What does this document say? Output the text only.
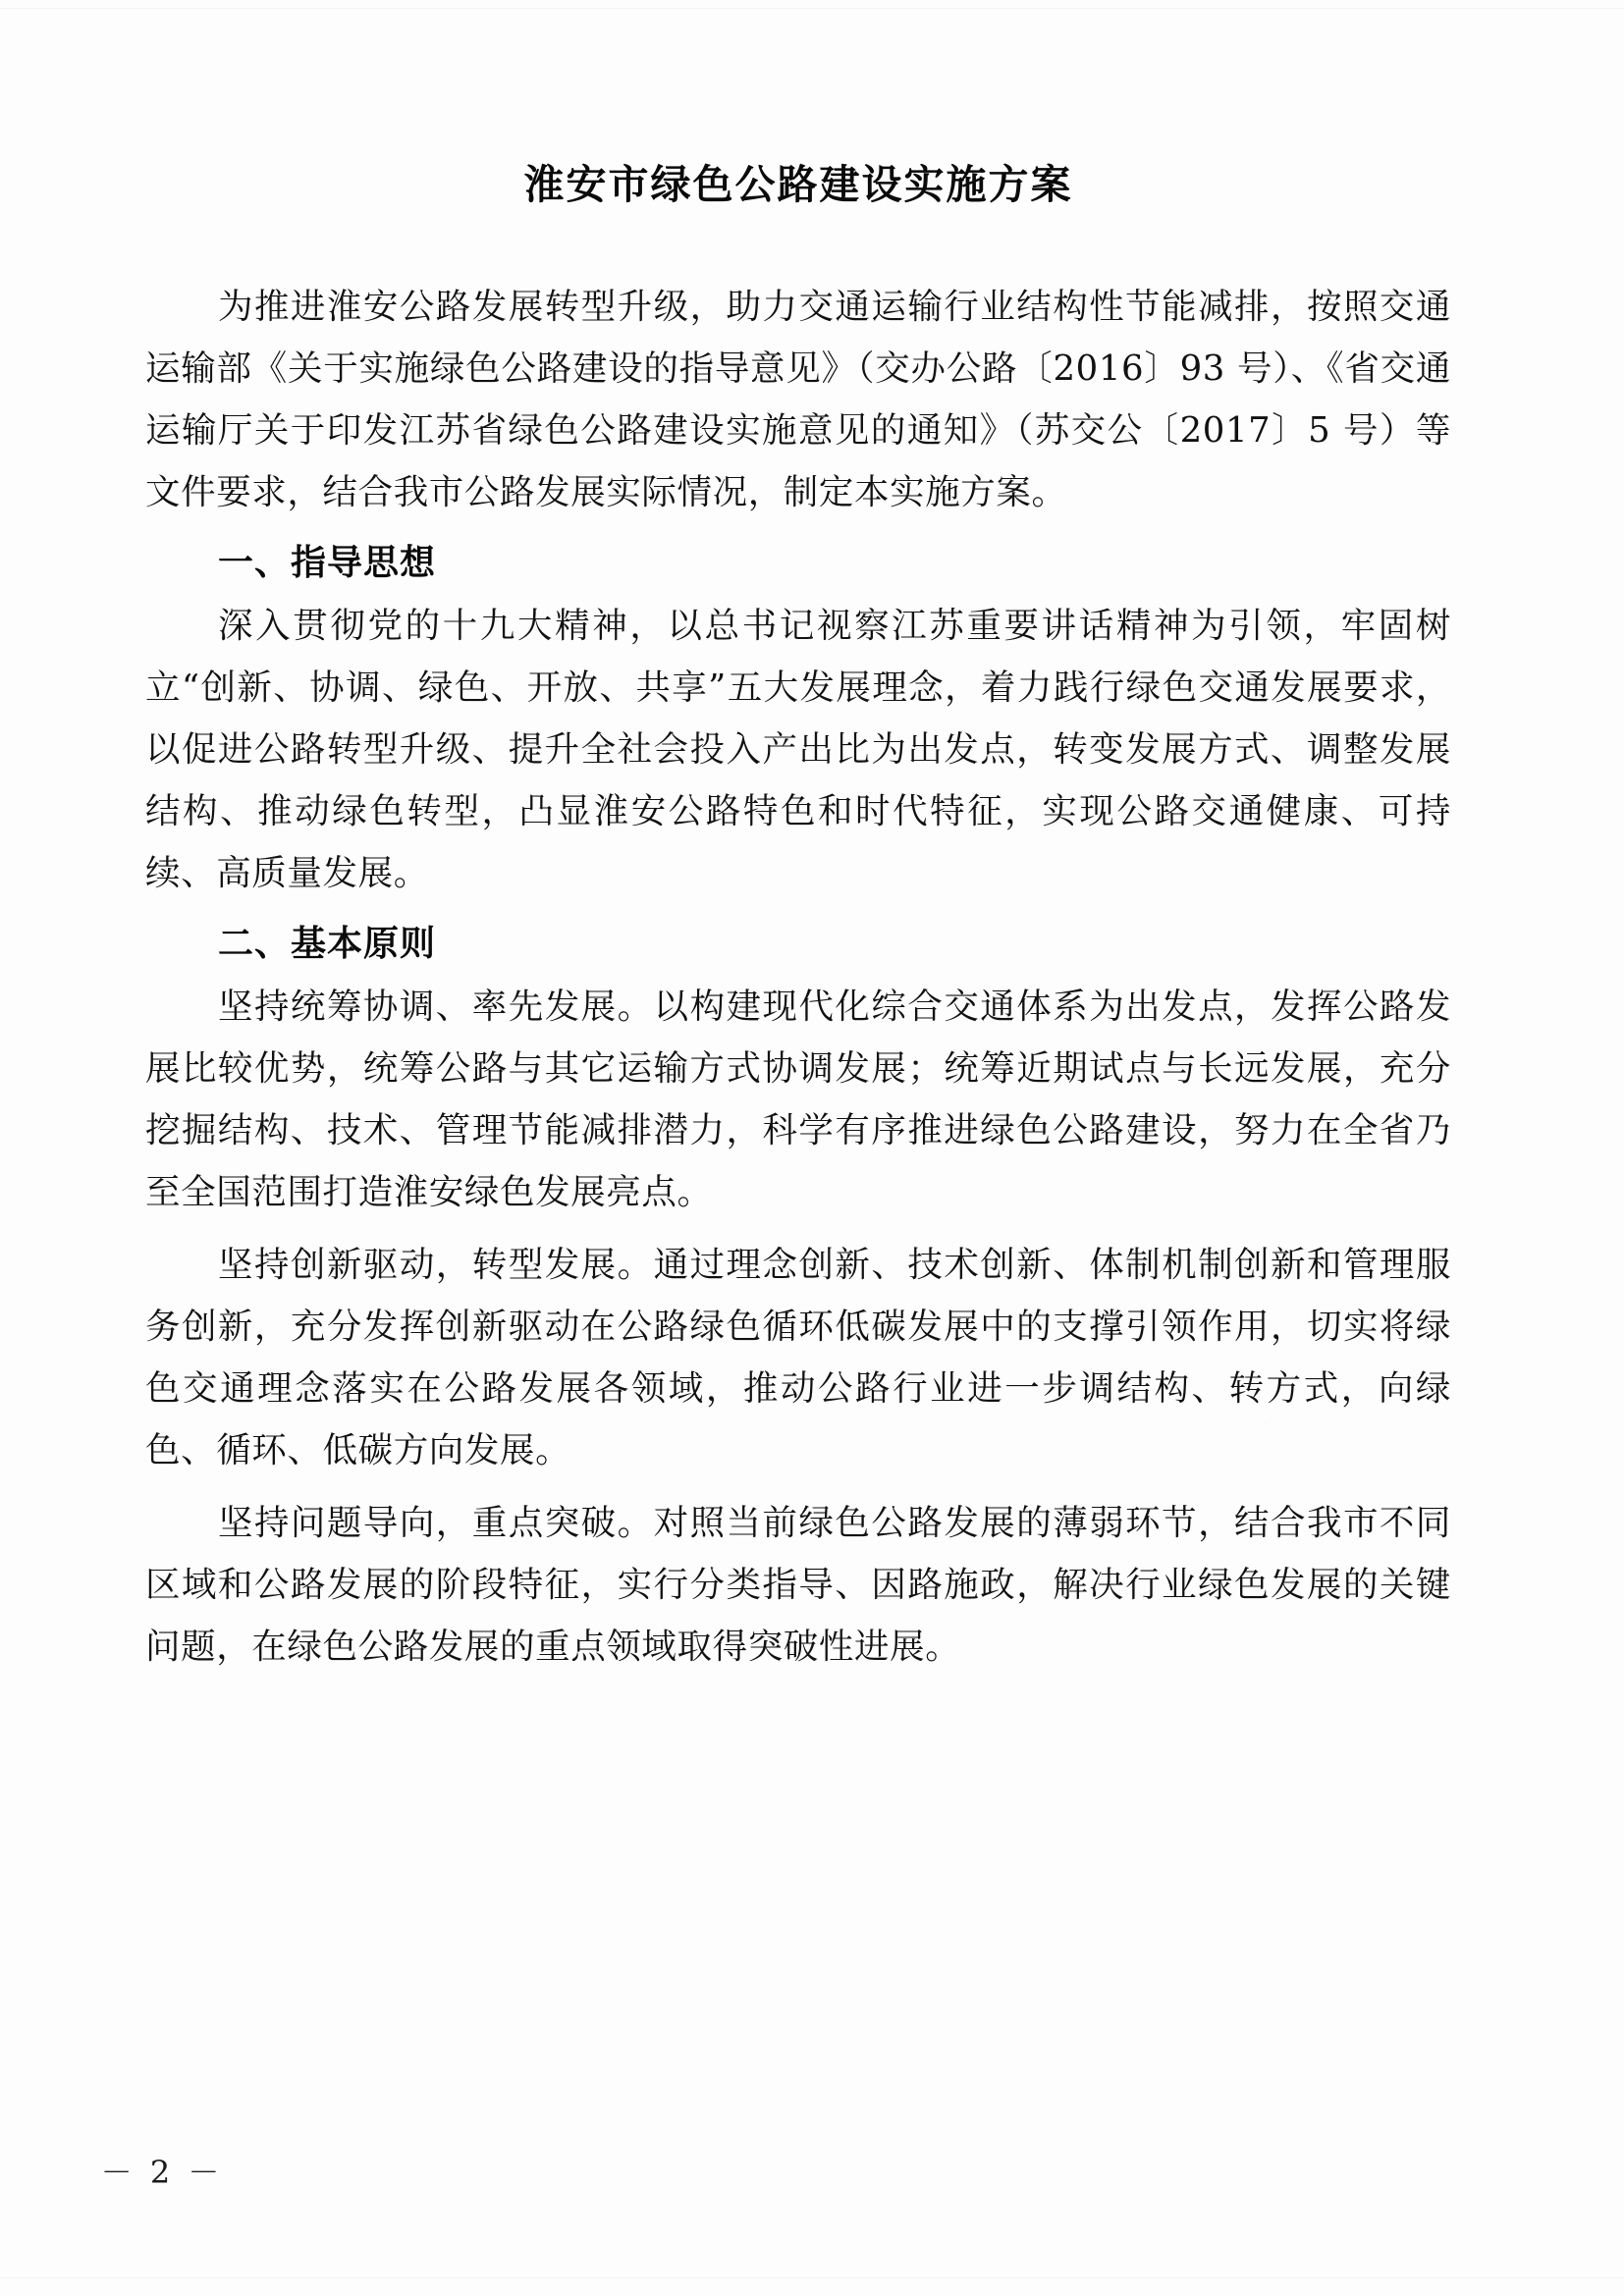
淮安市绿色公路建设实施方案

为推进淮安公路发展转型升级，助力交通运输行业结构性节能减排，按照交通运输部《关于实施绿色公路建设的指导意见》（交办公路〔2016〕93 号）、《省交通运输厅关于印发江苏省绿色公路建设实施意见的通知》（苏交公〔2017〕5 号）等文件要求，结合我市公路发展实际情况，制定本实施方案。

一、指导思想

深入贯彻党的十九大精神，以总书记视察江苏重要讲话精神为引领，牢固树立“创新、协调、绿色、开放、共享”五大发展理念，着力践行绿色交通发展要求，以促进公路转型升级、提升全社会投入产出比为出发点，转变发展方式、调整发展结构、推动绿色转型，凸显淮安公路特色和时代特征，实现公路交通健康、可持续、高质量发展。

二、基本原则

坚持统筹协调、率先发展。以构建现代化综合交通体系为出发点，发挥公路发展比较优势，统筹公路与其它运输方式协调发展；统筹近期试点与长远发展，充分挖掘结构、技术、管理节能减排潜力，科学有序推进绿色公路建设，努力在全省乃至全国范围打造淮安绿色发展亮点。

坚持创新驱动，转型发展。通过理念创新、技术创新、体制机制创新和管理服务创新，充分发挥创新驱动在公路绿色循环低碳发展中的支撑引领作用，切实将绿色交通理念落实在公路发展各领域，推动公路行业进一步调结构、转方式，向绿色、循环、低碳方向发展。

坚持问题导向，重点突破。对照当前绿色公路发展的薄弱环节，结合我市不同区域和公路发展的阶段特征，实行分类指导、因路施政，解决行业绿色发展的关键问题，在绿色公路发展的重点领域取得突破性进展。

－ 2 －
